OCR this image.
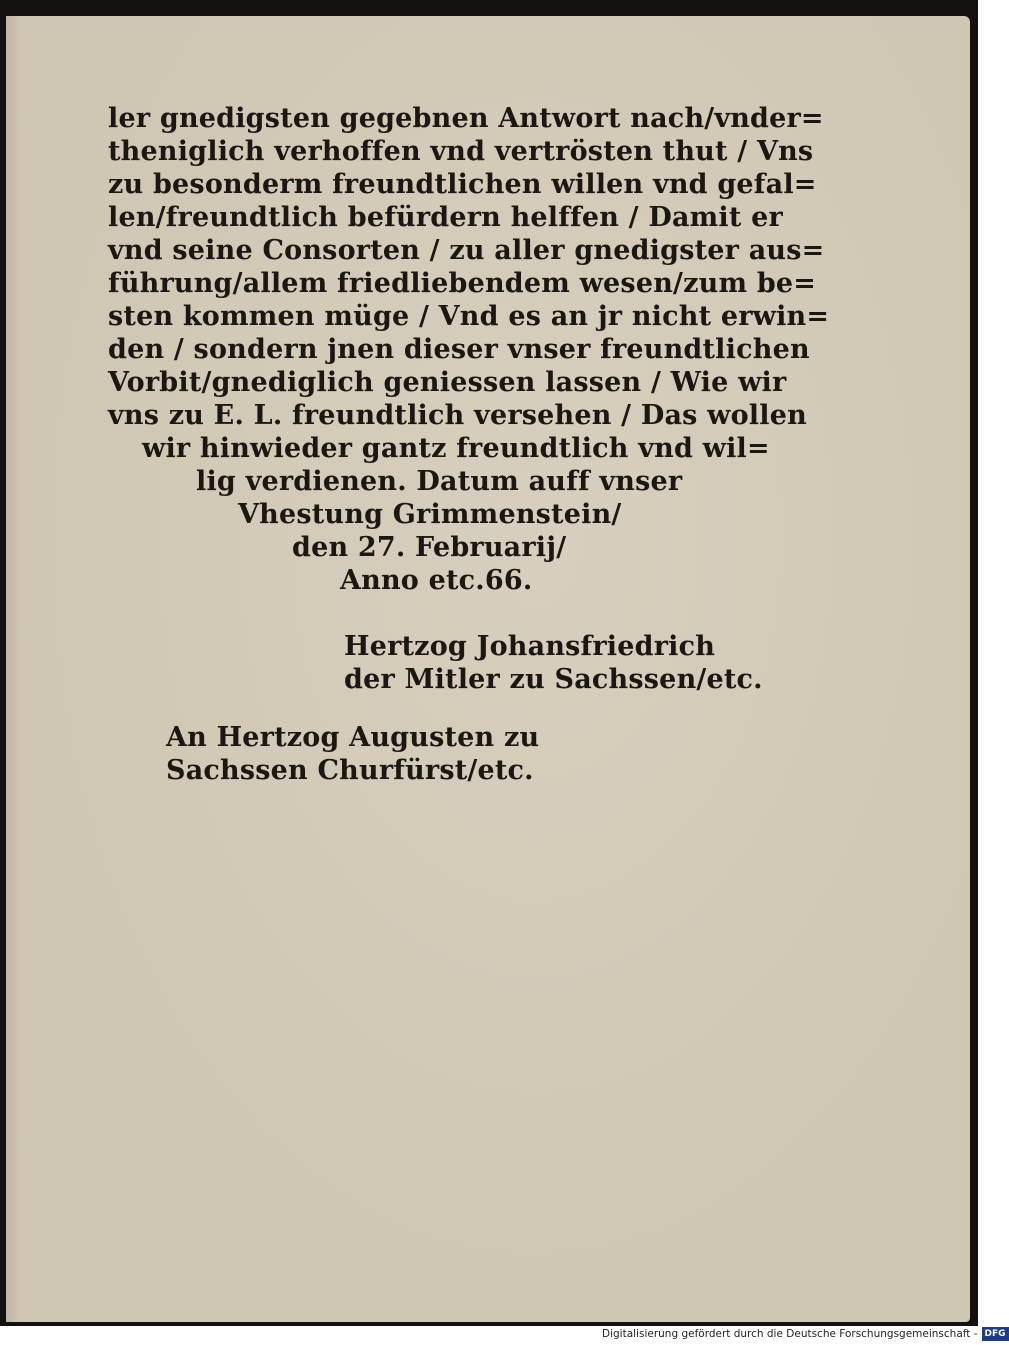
ler gnedigsten gegebnen Antwort nach/vnder=
theniglich verhoffen vnd vertrösten thut / Vns
zu besonderm freundtlichen willen vnd gefal=
len/freundtlich befürdern helffen / Damit er
vnd seine Consorten / zu aller gnedigster aus=
führung/allem friedliebendem wesen/zum be=
sten kommen müge / Vnd es an jr nicht erwin=
den / sondern jnen dieser vnser freundtlichen
Vorbit/gnediglich geniessen lassen / Wie wir
vns zu E. L. freundtlich versehen / Das wollen
wir hinwieder gantz freundtlich vnd wil=
lig verdienen. Datum auff vnser
Vhestung Grimmenstein/
den 27. Februarij/
Anno etc.66.
Hertzog Johansfriedrich
der Mitler zu Sachssen/etc.
An Hertzog Augusten zu
Sachssen Churfürst/etc.
Digitalisierung gefördert durch die Deutsche Forschungsgemeinschaft - DFG
